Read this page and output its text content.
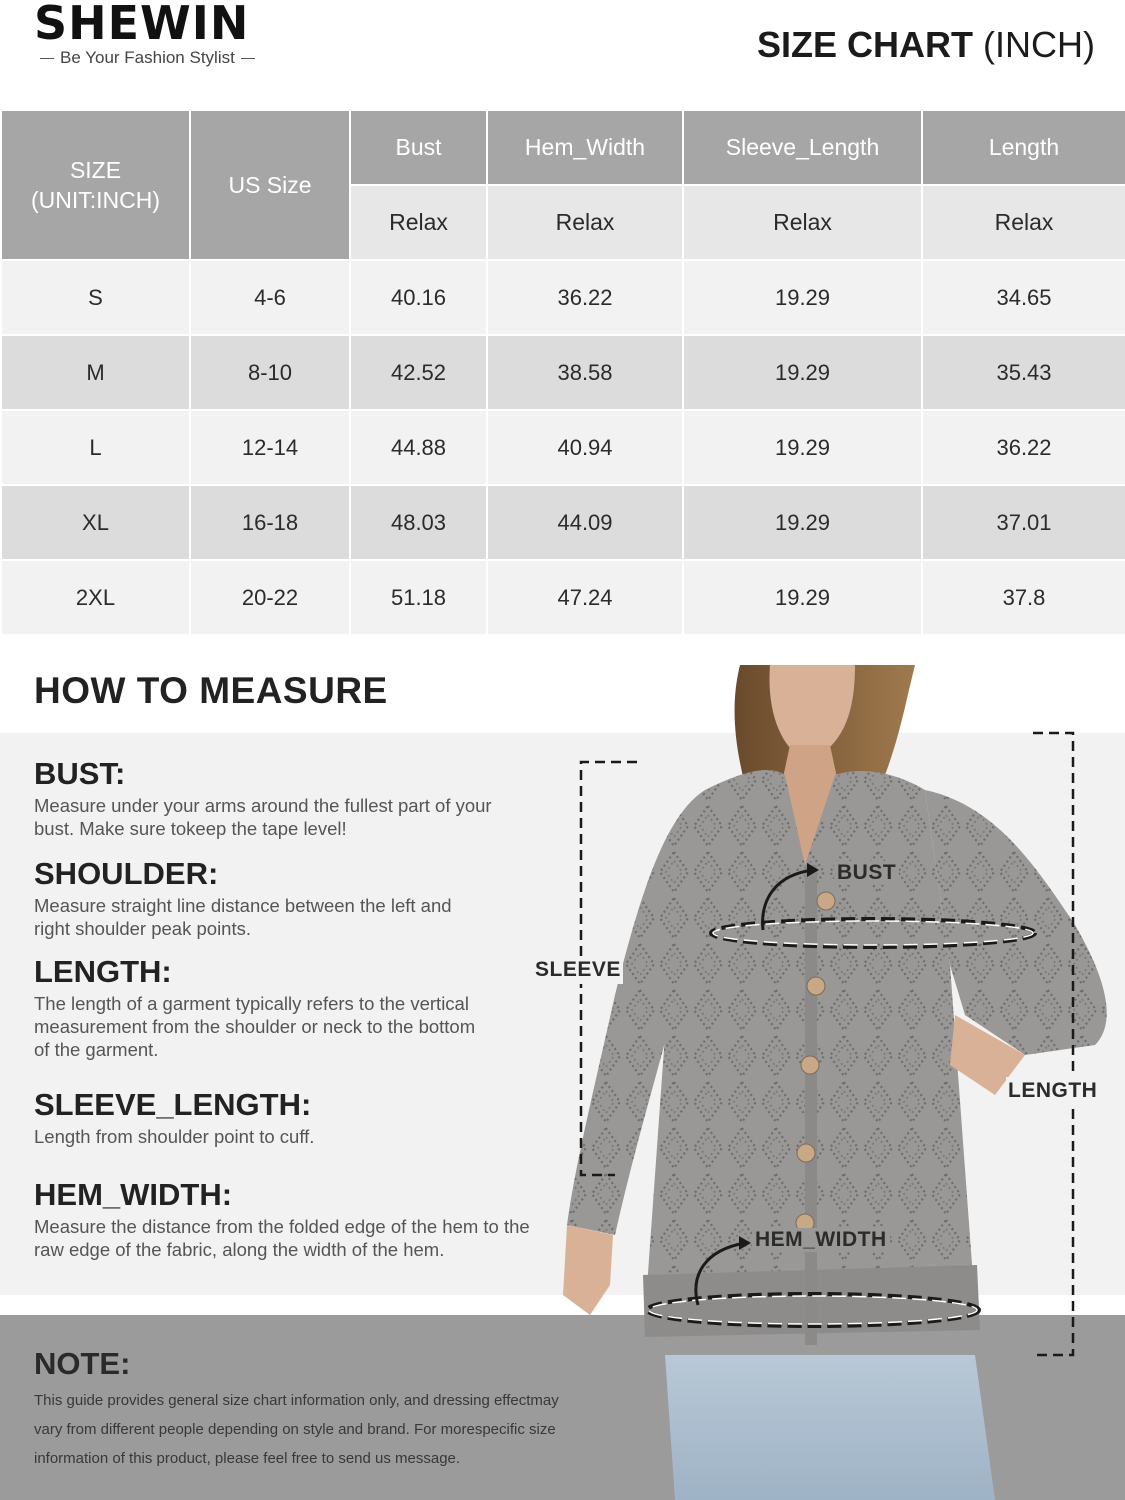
SHEWIN
Be Your Fashion Stylist	SIZE CHART (INCH)
SIZE
(UNIT:INCH)	US Size	Bust	Hem_Width	Sleeve_Length	Length
		Relax	Relax	Relax	Relax
S	4-6	40.16	36.22	19.29	34.65
M	8-10	42.52	38.58	19.29	35.43
L	12-14	44.88	40.94	19.29	36.22
XL	16-18	48.03	44.09	19.29	37.01
2XL	20-22	51.18	47.24	19.29	37.8
HOW TO MEASURE
BUST:

Measure under your arms around the fullest part of your bust. Make sure tokeep the tape level!

SHOULDER:

Measure straight line distance between the left and right shoulder peak points.

LENGTH:

The length of a garment typically refers to the vertical measurement from the shoulder or neck to the bottom of the garment.

SLEEVE_LENGTH:

Length from shoulder point to cuff.

HEM_WIDTH:

Measure the distance from the folded edge of the hem to the raw edge of the fabric, along the width of the hem.

BUST
SLEEVE
LENGTH
HEM_WIDTH
NOTE:
This guide provides general size chart information only, and dressing effectmay vary from different people depending on style and brand. For morespecific size information of this product, please feel free to send us message.
